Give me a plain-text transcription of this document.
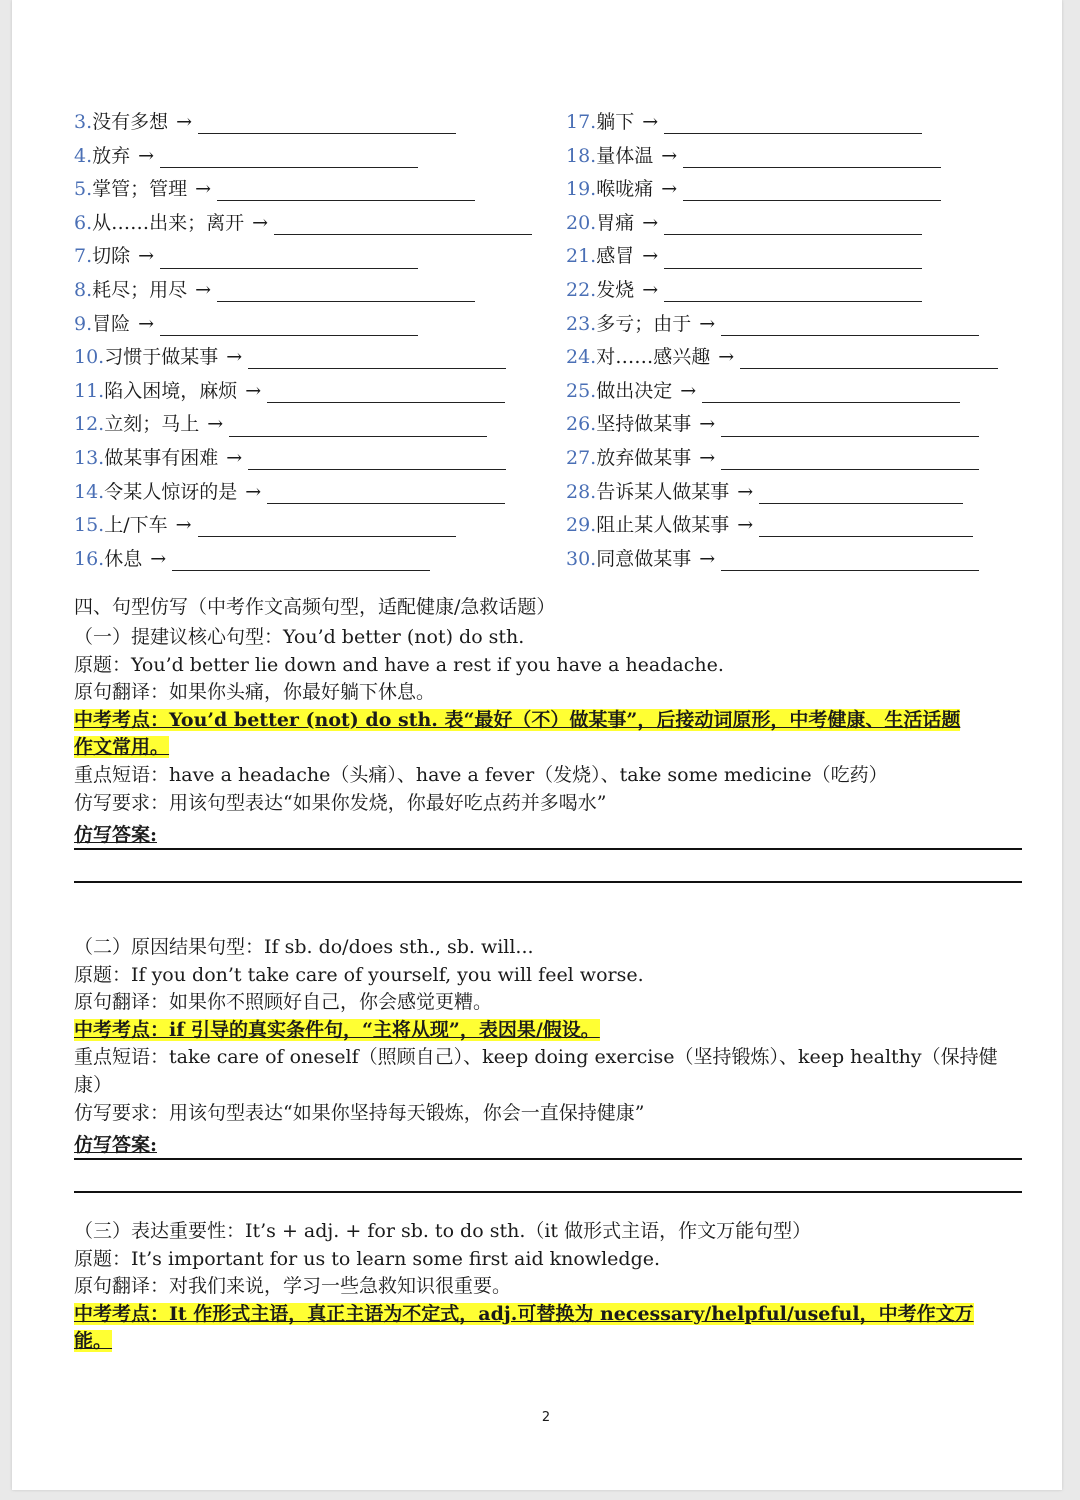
3. 没有多想 →
4. 放弃 →
5. 掌管；管理 →
6. 从……出来；离开 →
7. 切除 →
8. 耗尽；用尽 →
9. 冒险 →
10. 习惯于做某事 →
11. 陷入困境，麻烦 →
12. 立刻；马上 →
13. 做某事有困难 →
14. 令某人惊讶的是 →
15. 上/下车 →
16. 休息 →
17. 躺下 →
18. 量体温 →
19. 喉咙痛 →
20. 胃痛 →
21. 感冒 →
22. 发烧 →
23. 多亏；由于 →
24. 对……感兴趣 →
25. 做出决定 →
26. 坚持做某事 →
27. 放弃做某事 →
28. 告诉某人做某事 →
29. 阻止某人做某事 →
30. 同意做某事 →
四、句型仿写（中考作文高频句型，适配健康/急救话题）
（一）提建议核心句型：You’d better (not) do sth.
原题：You’d better lie down and have a rest if you have a headache.
原句翻译：如果你头痛，你最好躺下休息。
中考考点：You’d better (not) do sth. 表“最好（不）做某事”，后接动词原形，中考健康、生活话题
作文常用。
重点短语：have a headache（头痛）、have a fever（发烧）、take some medicine（吃药）
仿写要求：用该句型表达“如果你发烧，你最好吃点药并多喝水”
仿写答案:
（二）原因结果句型：If sb. do/does sth., sb. will...
原题：If you don’t take care of yourself, you will feel worse.
原句翻译：如果你不照顾好自己，你会感觉更糟。
中考考点：if 引导的真实条件句，“主将从现”，表因果/假设。
重点短语：take care of oneself（照顾自己）、keep doing exercise（坚持锻炼）、keep healthy（保持健
康）
仿写要求：用该句型表达“如果你坚持每天锻炼，你会一直保持健康”
仿写答案:
（三）表达重要性：It’s + adj. + for sb. to do sth.（it 做形式主语，作文万能句型）
原题：It’s important for us to learn some first aid knowledge.
原句翻译：对我们来说，学习一些急救知识很重要。
中考考点：It 作形式主语，真正主语为不定式，adj.可替换为 necessary/helpful/useful，中考作文万
能。
2
